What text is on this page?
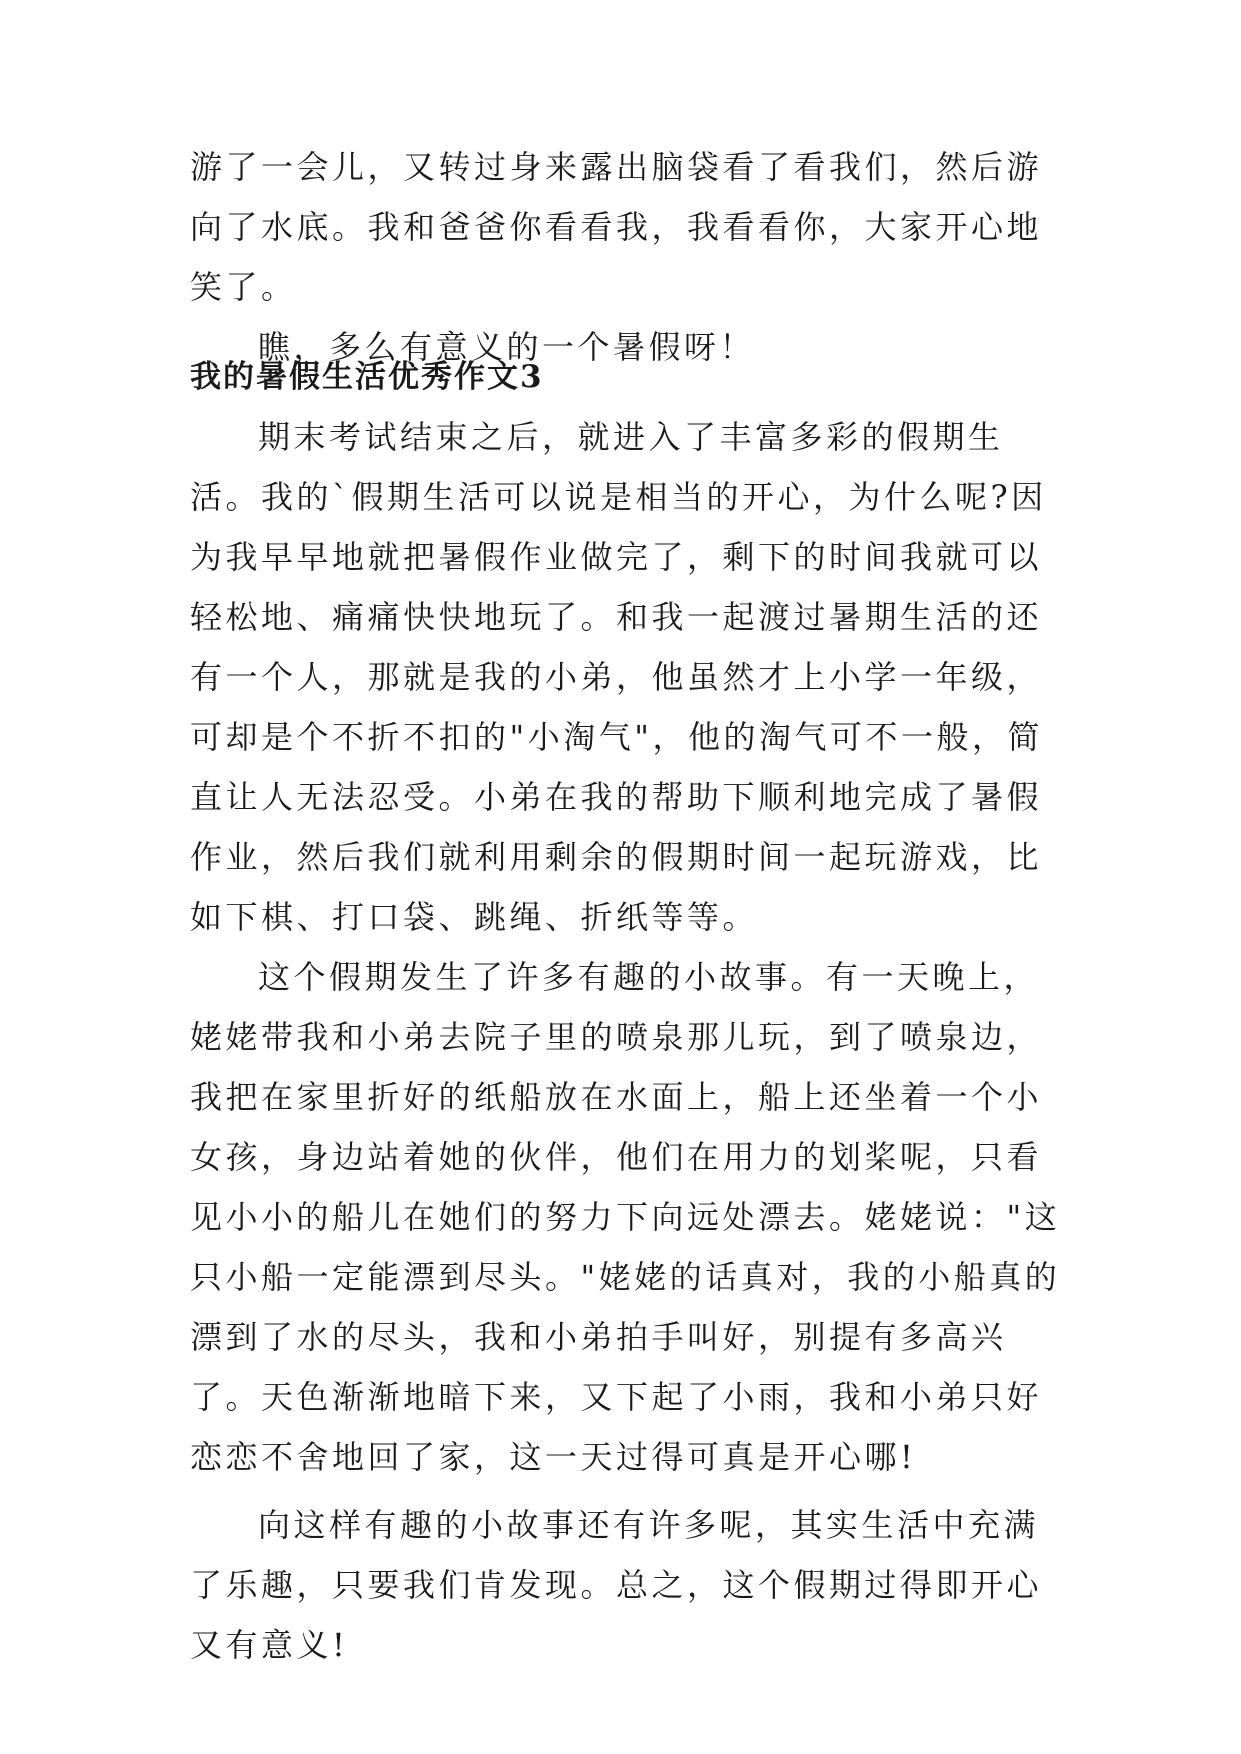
游了一会儿，又转过身来露出脑袋看了看我们，然后游向了水底。我和爸爸你看看我，我看看你，大家开心地笑了。

瞧，多么有意义的一个暑假呀！

我的暑假生活优秀作文3

期末考试结束之后，就进入了丰富多彩的假期生活。我的`假期生活可以说是相当的开心，为什么呢?因为我早早地就把暑假作业做完了，剩下的时间我就可以轻松地、痛痛快快地玩了。和我一起渡过暑期生活的还有一个人，那就是我的小弟，他虽然才上小学一年级，可却是个不折不扣的"小淘气"，他的淘气可不一般，简直让人无法忍受。小弟在我的帮助下顺利地完成了暑假作业，然后我们就利用剩余的假期时间一起玩游戏，比如下棋、打口袋、跳绳、折纸等等。

这个假期发生了许多有趣的小故事。有一天晚上，姥姥带我和小弟去院子里的喷泉那儿玩，到了喷泉边，我把在家里折好的纸船放在水面上，船上还坐着一个小女孩，身边站着她的伙伴，他们在用力的划桨呢，只看见小小的船儿在她们的努力下向远处漂去。姥姥说："这只小船一定能漂到尽头。"姥姥的话真对，我的小船真的漂到了水的尽头，我和小弟拍手叫好，别提有多高兴了。天色渐渐地暗下来，又下起了小雨，我和小弟只好恋恋不舍地回了家，这一天过得可真是开心哪!

向这样有趣的小故事还有许多呢，其实生活中充满了乐趣，只要我们肯发现。总之，这个假期过得即开心又有意义!
